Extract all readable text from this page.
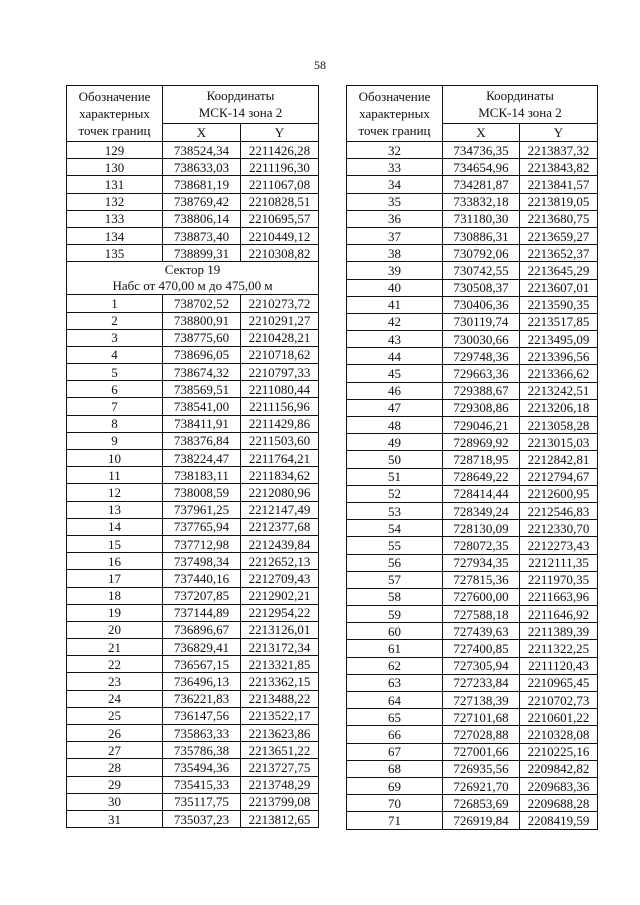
58
Обозначение
характерных
точек границ	Координаты
МСК-14 зона 2	
	X	Y
129	738524,34	2211426,28
130	738633,03	2211196,30
131	738681,19	2211067,08
132	738769,42	2210828,51
133	738806,14	2210695,57
134	738873,40	2210449,12
135	738899,31	2210308,82
Сектор 19
Набс от 470,00 м до 475,00 м		
1	738702,52	2210273,72
2	738800,91	2210291,27
3	738775,60	2210428,21
4	738696,05	2210718,62
5	738674,32	2210797,33
6	738569,51	2211080,44
7	738541,00	2211156,96
8	738411,91	2211429,86
9	738376,84	2211503,60
10	738224,47	2211764,21
11	738183,11	2211834,62
12	738008,59	2212080,96
13	737961,25	2212147,49
14	737765,94	2212377,68
15	737712,98	2212439,84
16	737498,34	2212652,13
17	737440,16	2212709,43
18	737207,85	2212902,21
19	737144,89	2212954,22
20	736896,67	2213126,01
21	736829,41	2213172,34
22	736567,15	2213321,85
23	736496,13	2213362,15
24	736221,83	2213488,22
25	736147,56	2213522,17
26	735863,33	2213623,86
27	735786,38	2213651,22
28	735494,36	2213727,75
29	735415,33	2213748,29
30	735117,75	2213799,08
31	735037,23	2213812,65
Обозначение
характерных
точек границ	Координаты
МСК-14 зона 2	
	X	Y
32	734736,35	2213837,32
33	734654,96	2213843,82
34	734281,87	2213841,57
35	733832,18	2213819,05
36	731180,30	2213680,75
37	730886,31	2213659,27
38	730792,06	2213652,37
39	730742,55	2213645,29
40	730508,37	2213607,01
41	730406,36	2213590,35
42	730119,74	2213517,85
43	730030,66	2213495,09
44	729748,36	2213396,56
45	729663,36	2213366,62
46	729388,67	2213242,51
47	729308,86	2213206,18
48	729046,21	2213058,28
49	728969,92	2213015,03
50	728718,95	2212842,81
51	728649,22	2212794,67
52	728414,44	2212600,95
53	728349,24	2212546,83
54	728130,09	2212330,70
55	728072,35	2212273,43
56	727934,35	2212111,35
57	727815,36	2211970,35
58	727600,00	2211663,96
59	727588,18	2211646,92
60	727439,63	2211389,39
61	727400,85	2211322,25
62	727305,94	2211120,43
63	727233,84	2210965,45
64	727138,39	2210702,73
65	727101,68	2210601,22
66	727028,88	2210328,08
67	727001,66	2210225,16
68	726935,56	2209842,82
69	726921,70	2209683,36
70	726853,69	2209688,28
71	726919,84	2208419,59
